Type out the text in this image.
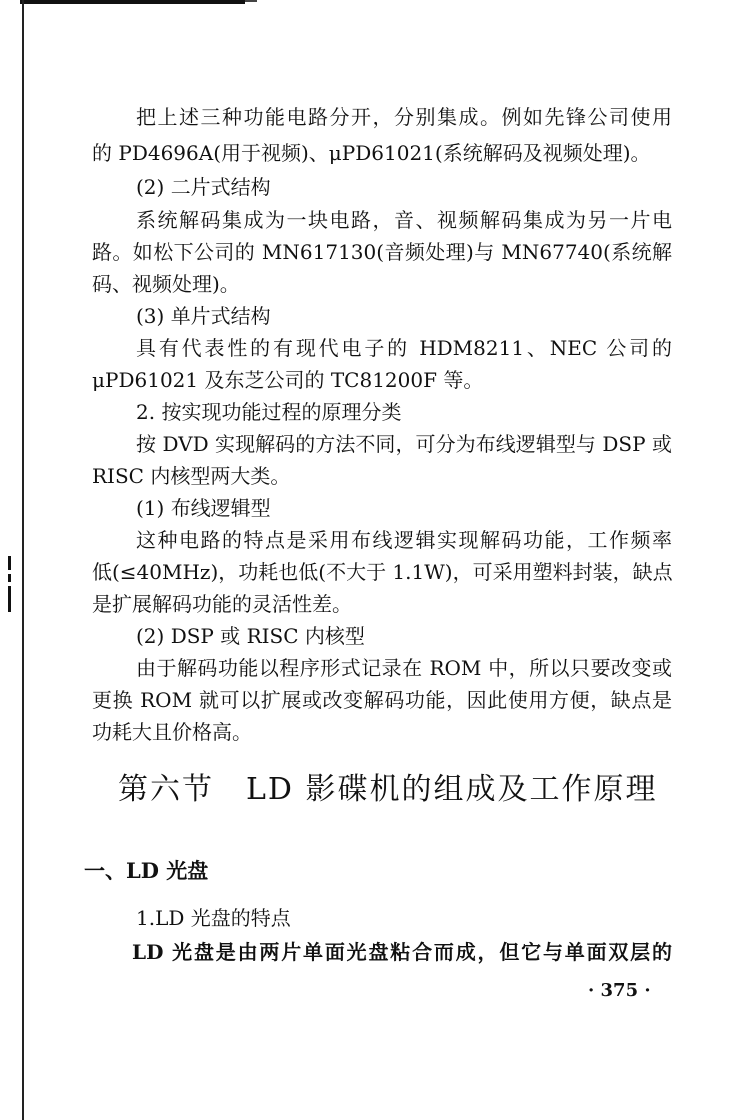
把上述三种功能电路分开，分别集成。例如先锋公司使用
的 PD4696A(用于视频)、μPD61021(系统解码及视频处理)。
(2) 二片式结构
系统解码集成为一块电路，音、视频解码集成为另一片电
路。如松下公司的 MN617130(音频处理)与 MN67740(系统解
码、视频处理)。
(3) 单片式结构
具有代表性的有现代电子的 HDM8211、NEC 公司的
μPD61021 及东芝公司的 TC81200F 等。
2. 按实现功能过程的原理分类
按 DVD 实现解码的方法不同，可分为布线逻辑型与 DSP 或
RISC 内核型两大类。
(1) 布线逻辑型
这种电路的特点是采用布线逻辑实现解码功能，工作频率
低(≤40MHz)，功耗也低(不大于 1.1W)，可采用塑料封装，缺点
是扩展解码功能的灵活性差。
(2) DSP 或 RISC 内核型
由于解码功能以程序形式记录在 ROM 中，所以只要改变或
更换 ROM 就可以扩展或改变解码功能，因此使用方便，缺点是
功耗大且价格高。
第六节 LD 影碟机的组成及工作原理
一、LD 光盘
1.LD 光盘的特点
LD 光盘是由两片单面光盘粘合而成，但它与单面双层的
· 375 ·
